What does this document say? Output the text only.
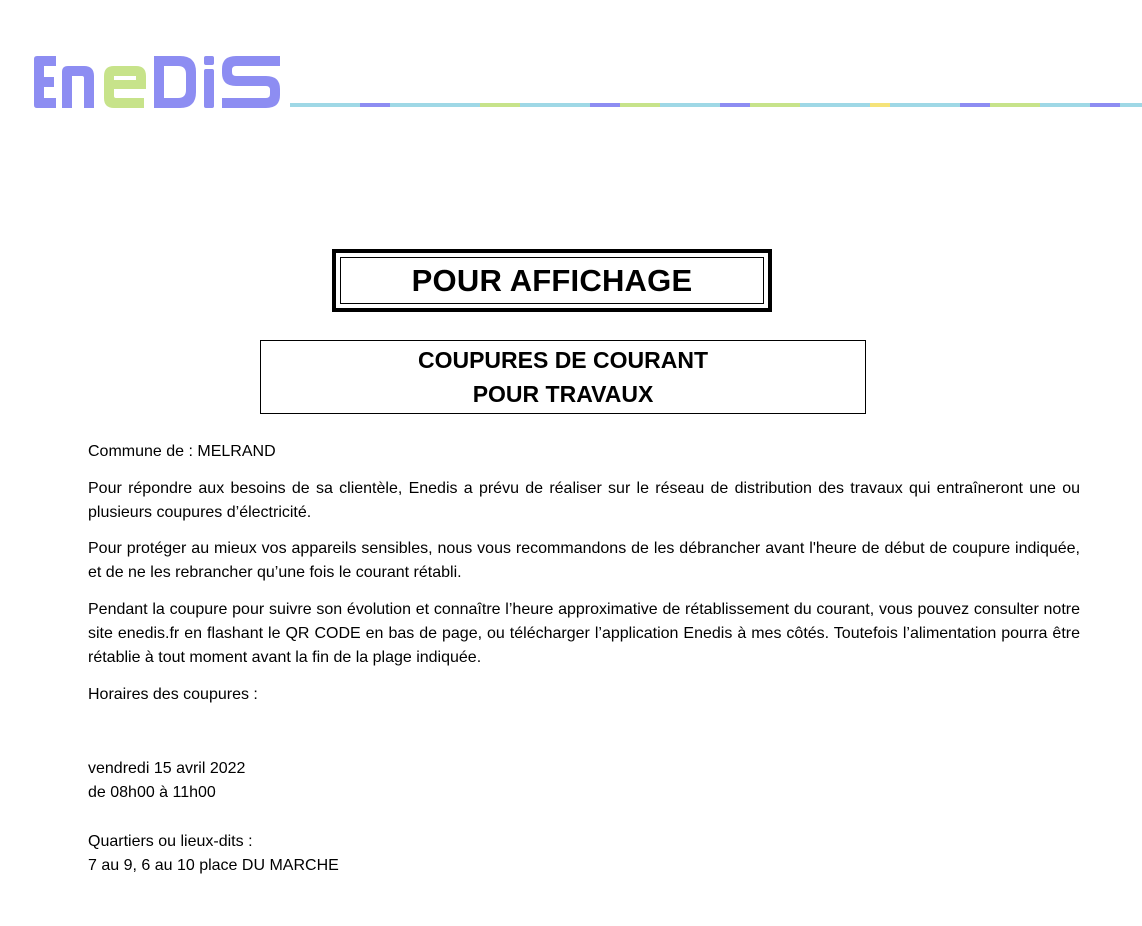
POUR AFFICHAGE
COUPURES DE COURANT
POUR TRAVAUX

Commune de : MELRAND

Pour répondre aux besoins de sa clientèle, Enedis a prévu de réaliser sur le réseau de distribution des travaux qui entraîneront une ou plusieurs coupures d’électricité.

Pour protéger au mieux vos appareils sensibles, nous vous recommandons de les débrancher avant l'heure de début de coupure indiquée, et de ne les rebrancher qu’une fois le courant rétabli.

Pendant la coupure pour suivre son évolution et connaître l’heure approximative de rétablissement du courant, vous pouvez consulter notre site enedis.fr en flashant le QR CODE en bas de page, ou télécharger l’application Enedis à mes côtés. Toutefois l’alimentation pourra être rétablie à tout moment avant la fin de la plage indiquée.

Horaires des coupures :

vendredi 15 avril 2022

de 08h00 à 11h00

Quartiers ou lieux-dits :

7 au 9, 6 au 10 place DU MARCHE
